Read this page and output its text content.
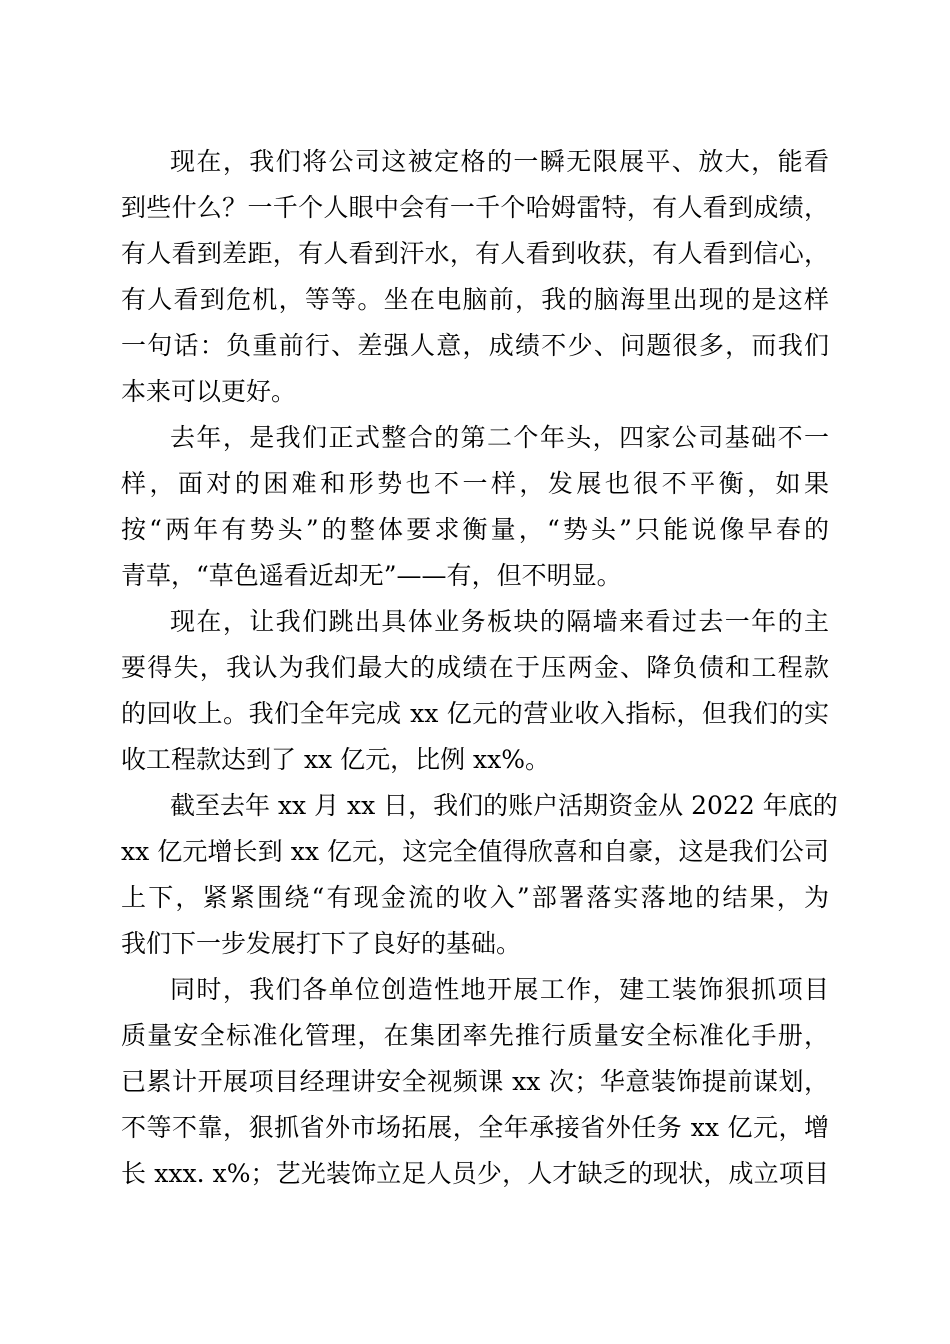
现在，我们将公司这被定格的一瞬无限展平、放大，能看
到些什么？一千个人眼中会有一千个哈姆雷特，有人看到成绩，
有人看到差距，有人看到汗水，有人看到收获，有人看到信心，
有人看到危机，等等。坐在电脑前，我的脑海里出现的是这样
一句话：负重前行、差强人意，成绩不少、问题很多，而我们
本来可以更好。
去年，是我们正式整合的第二个年头，四家公司基础不一
样，面对的困难和形势也不一样，发展也很不平衡，如果
按“两年有势头”的整体要求衡量，“势头”只能说像早春的
青草，“草色遥看近却无”——有，但不明显。
现在，让我们跳出具体业务板块的隔墙来看过去一年的主
要得失，我认为我们最大的成绩在于压两金、降负债和工程款
的回收上。我们全年完成 xx 亿元的营业收入指标，但我们的实
收工程款达到了 xx 亿元，比例 xx%。
截至去年 xx 月 xx 日，我们的账户活期资金从 2022 年底的
xx 亿元增长到 xx 亿元，这完全值得欣喜和自豪，这是我们公司
上下，紧紧围绕“有现金流的收入”部署落实落地的结果，为
我们下一步发展打下了良好的基础。
同时，我们各单位创造性地开展工作，建工装饰狠抓项目
质量安全标准化管理，在集团率先推行质量安全标准化手册，
已累计开展项目经理讲安全视频课 xx 次；华意装饰提前谋划，
不等不靠，狠抓省外市场拓展，全年承接省外任务 xx 亿元，增
长 xxx. x%；艺光装饰立足人员少，人才缺乏的现状，成立项目
